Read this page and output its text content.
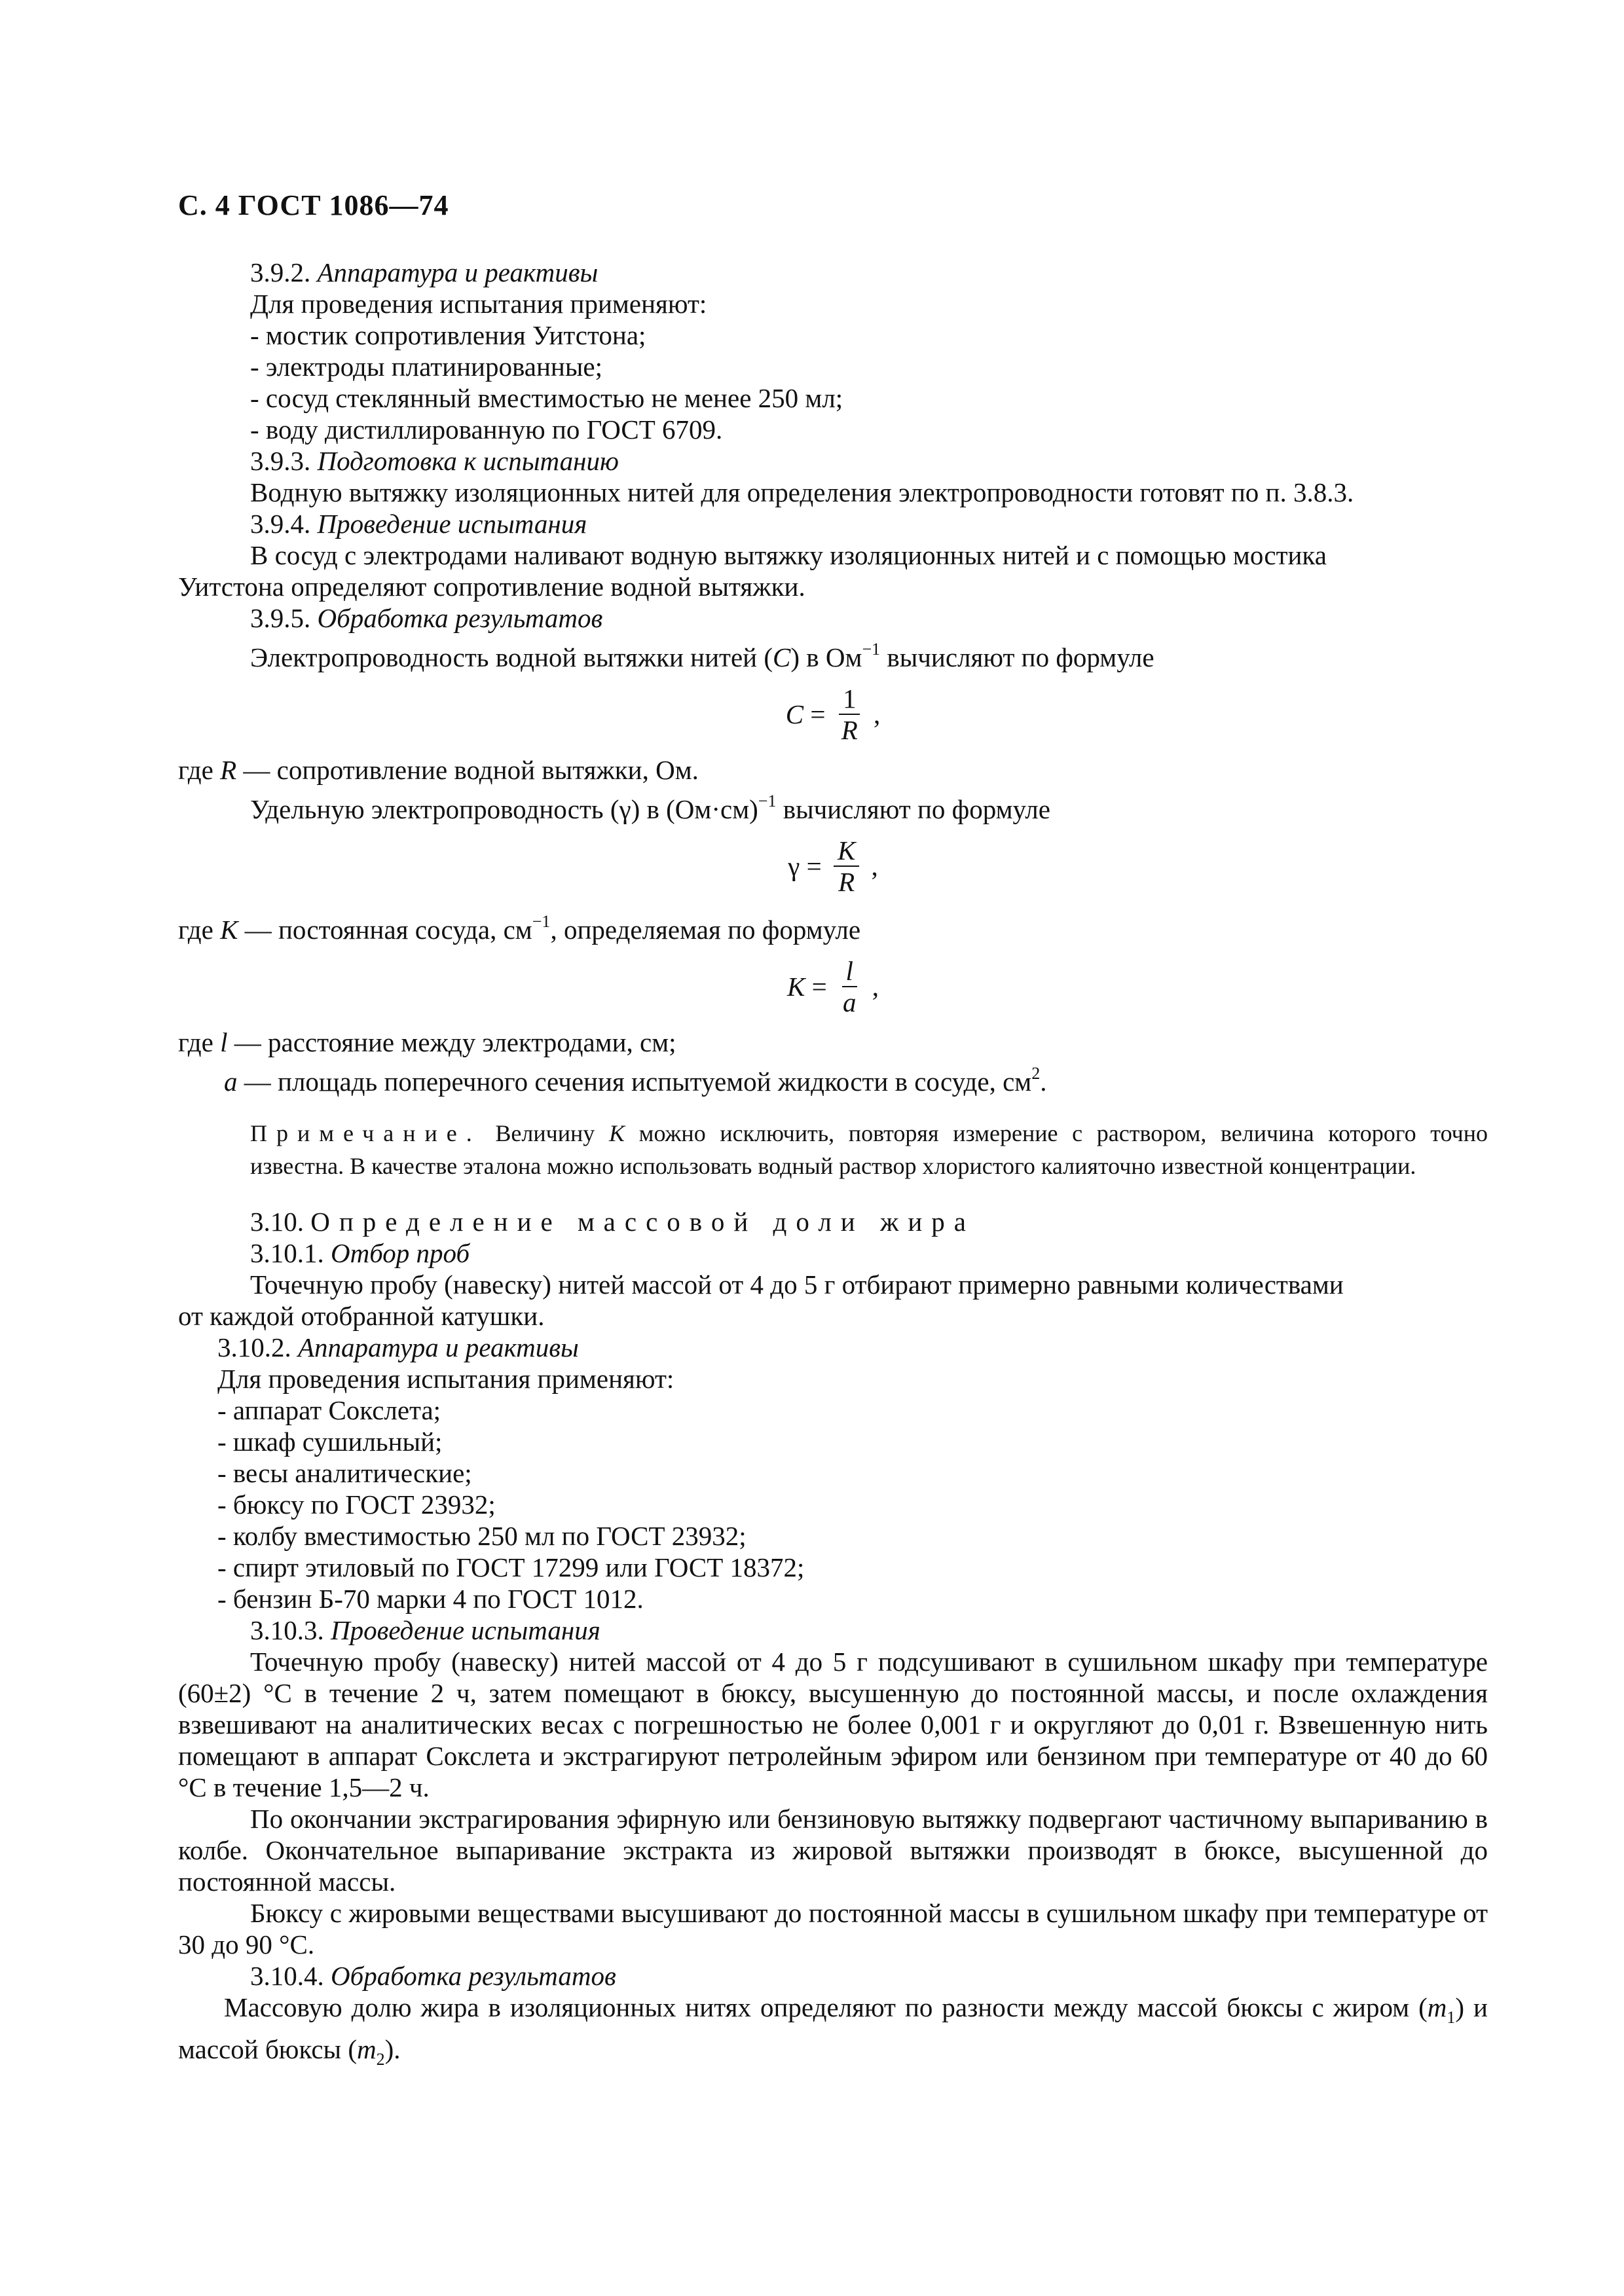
С. 4 ГОСТ 1086—74

3.9.2. Аппаратура и реактивы

Для проведения испытания применяют:

- мостик сопротивления Уитстона;

- электроды платинированные;

- сосуд стеклянный вместимостью не менее 250 мл;

- воду дистиллированную по ГОСТ 6709.

3.9.3. Подготовка к испытанию

Водную вытяжку изоляционных нитей для определения электропроводности готовят по п. 3.8.3.

3.9.4. Проведение испытания

В сосуд с электродами наливают водную вытяжку изоляционных нитей и с помощью мостика

Уитстона определяют сопротивление водной вытяжки.

3.9.5. Обработка результатов

Электропроводность водной вытяжки нитей (C) в $Ом^{-1}$ вычисляют по формуле

$C = \frac{1}{R}$ ,

где R — сопротивление водной вытяжки, Ом.

Удельную электропроводность (γ) в $(Ом\cdot см)^{-1}$ вычисляют по формуле

$\gamma = \frac{K}{R}$ ,

где K — постоянная сосуда, $см^{-1}$, определяемая по формуле

$K = \frac{l}{a}$ ,

где l — расстояние между электродами, см;

a — площадь поперечного сечения испытуемой жидкости в сосуде, $см^2$.

Примечание. Величину K можно исключить, повторяя измерение с раствором, величина которого точно известна. В качестве эталона можно использовать водный раствор хлористого калияточно известной концентрации.

3.10. Определение массовой доли жира

3.10.1. Отбор проб

Точечную пробу (навеску) нитей массой от 4 до 5 г отбирают примерно равными количествами

от каждой отобранной катушки.

3.10.2. Аппаратура и реактивы

Для проведения испытания применяют:

- аппарат Сокслета;

- шкаф сушильный;

- весы аналитические;

- бюксу по ГОСТ 23932;

- колбу вместимостью 250 мл по ГОСТ 23932;

- спирт этиловый по ГОСТ 17299 или ГОСТ 18372;

- бензин Б-70 марки 4 по ГОСТ 1012.

3.10.3. Проведение испытания

Точечную пробу (навеску) нитей массой от 4 до 5 г подсушивают в сушильном шкафу при температуре (60±2) °С в течение 2 ч, затем помещают в бюксу, высушенную до постоянной массы, и после охлаждения взвешивают на аналитических весах с погрешностью не более 0,001 г и округляют до 0,01 г. Взвешенную нить помещают в аппарат Сокслета и экстрагируют петролейным эфиром или бензином при температуре от 40 до 60 °С в течение 1,5—2 ч.

По окончании экстрагирования эфирную или бензиновую вытяжку подвергают частичному выпариванию в колбе. Окончательное выпаривание экстракта из жировой вытяжки производят в бюксе, высушенной до постоянной массы.

Бюксу с жировыми веществами высушивают до постоянной массы в сушильном шкафу при температуре от 30 до 90 °С.

3.10.4. Обработка результатов

Массовую долю жира в изоляционных нитях определяют по разности между массой бюксы с жиром $(m_1)$ и массой бюксы $(m_2)$.
